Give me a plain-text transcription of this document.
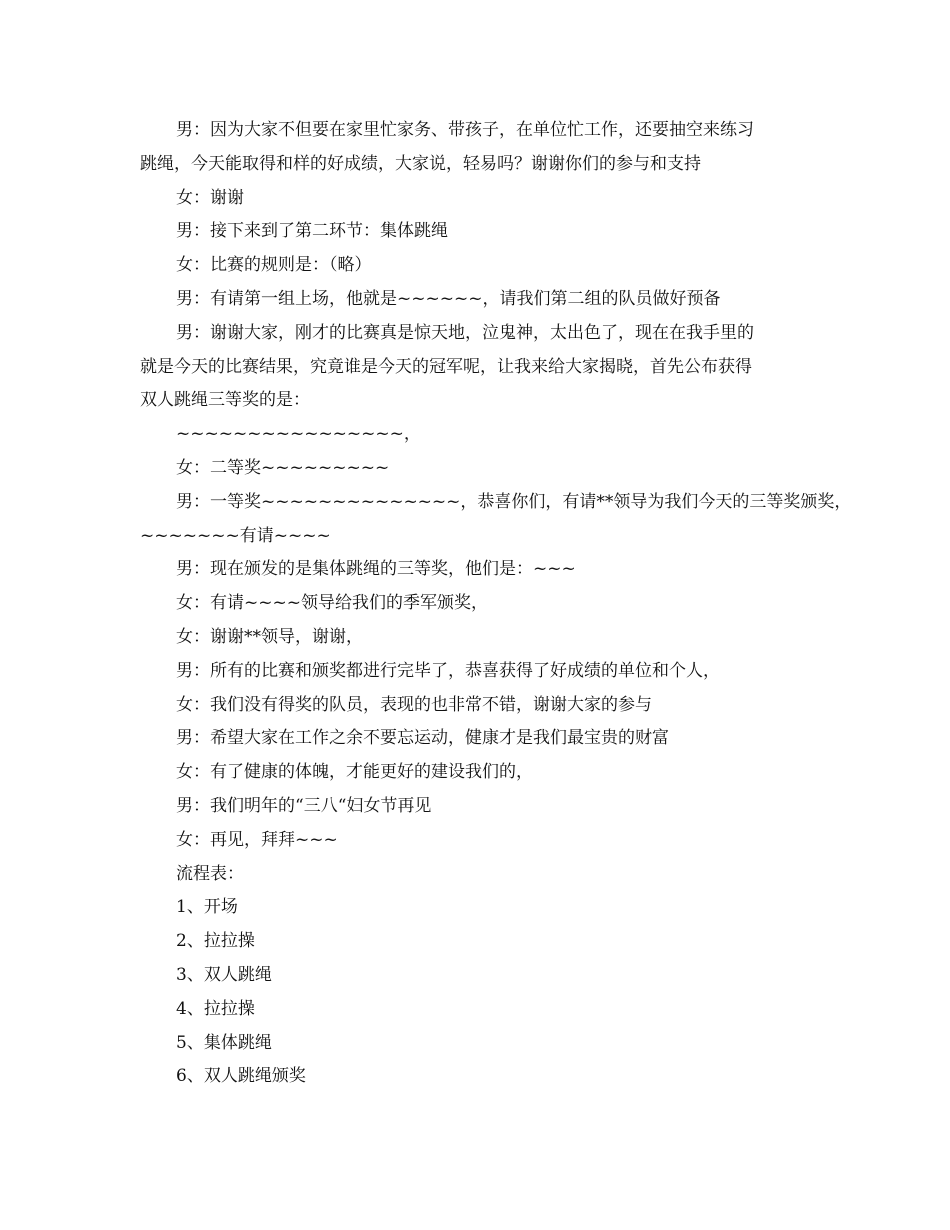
男：因为大家不但要在家里忙家务、带孩子，在单位忙工作，还要抽空来练习
跳绳，今天能取得和样的好成绩，大家说，轻易吗？谢谢你们的参与和支持
女：谢谢
男：接下来到了第二环节：集体跳绳
女：比赛的规则是：（略）
男：有请第一组上场，他就是~~~~~~，请我们第二组的队员做好预备
男：谢谢大家，刚才的比赛真是惊天地，泣鬼神，太出色了，现在在我手里的
就是今天的比赛结果，究竟谁是今天的冠军呢，让我来给大家揭晓，首先公布获得
双人跳绳三等奖的是：
~~~~~~~~~~~~~~~~，
女：二等奖~~~~~~~~~
男：一等奖~~~~~~~~~~~~~~，恭喜你们，有请**领导为我们今天的三等奖颁奖，
~~~~~~~有请~~~~
男：现在颁发的是集体跳绳的三等奖，他们是：~~~
女：有请~~~~领导给我们的季军颁奖，
女：谢谢**领导，谢谢，
男：所有的比赛和颁奖都进行完毕了，恭喜获得了好成绩的单位和个人，
女：我们没有得奖的队员，表现的也非常不错，谢谢大家的参与
男：希望大家在工作之余不要忘运动，健康才是我们最宝贵的财富
女：有了健康的体魄，才能更好的建设我们的，
男：我们明年的“三八“妇女节再见
女：再见，拜拜~~~
流程表：
1、开场
2、拉拉操
3、双人跳绳
4、拉拉操
5、集体跳绳
6、双人跳绳颁奖
